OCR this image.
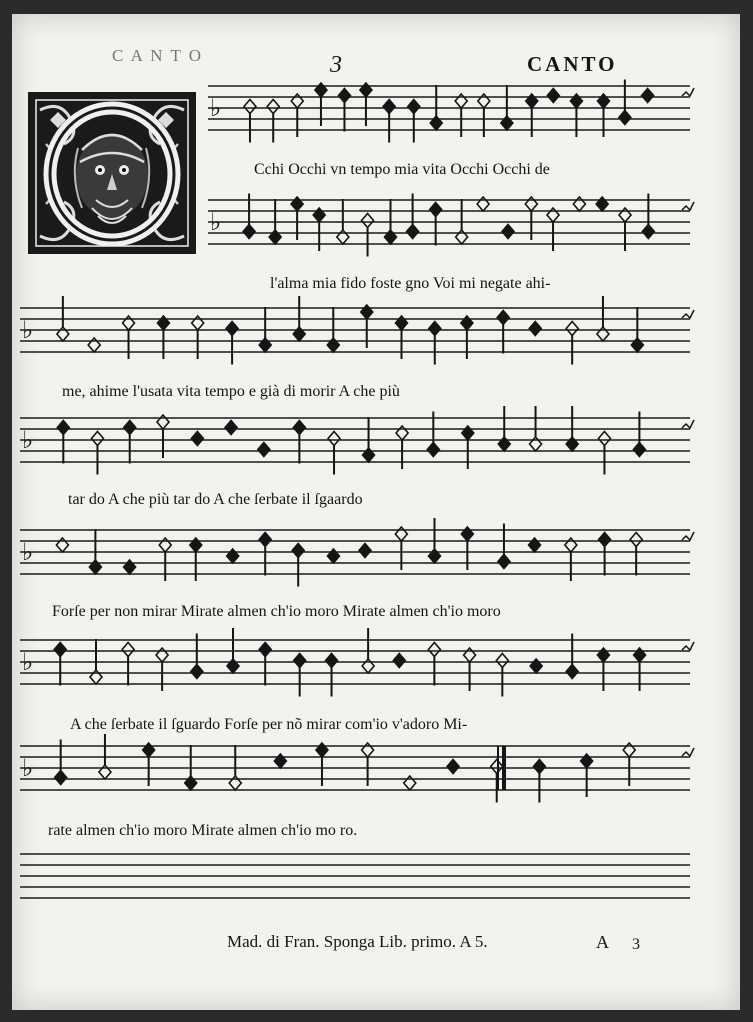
C A N T O	3	CANTO
♭
♭
♭
♭
♭
♭
♭
Cchi Occhi vn tempo mia vita Occhi Occhi de
l'alma mia fido foste gno Voi mi negate ahi-
me, ahime l'usata vita tempo e già di morir A che più
tar do A che più tar do A che ſerbate il ſgaardo
Forſe per non mirar Mirate almen ch'io moro Mirate almen ch'io moro
A che ſerbate il ſguardo Forſe per nõ mirar com'io v'adoro Mi-
rate almen ch'io moro Mirate almen ch'io mo ro.
Mad. di Fran. Sponga Lib. primo. A 5.	A 3
